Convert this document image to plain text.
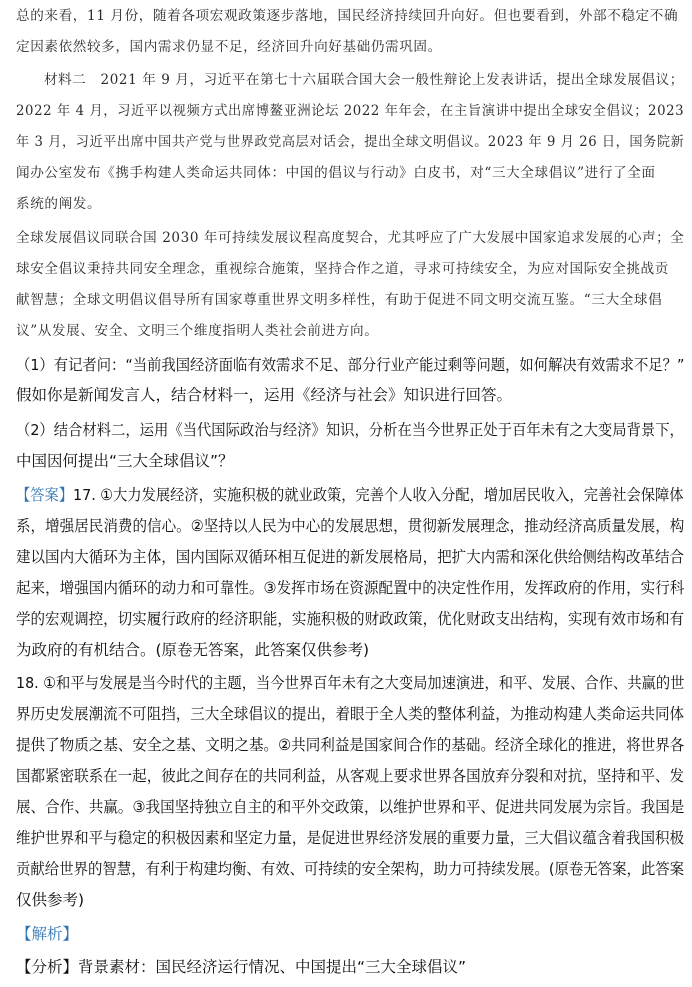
总的来看，11 月份，随着各项宏观政策逐步落地，国民经济持续回升向好。但也要看到，外部不稳定不确
定因素依然较多，国内需求仍显不足，经济回升向好基础仍需巩固。
材料二　2021 年 9 月，习近平在第七十六届联合国大会一般性辩论上发表讲话，提出全球发展倡议；
2022 年 4 月，习近平以视频方式出席博鳌亚洲论坛 2022 年年会，在主旨演讲中提出全球安全倡议；2023
年 3 月，习近平出席中国共产党与世界政党高层对话会，提出全球文明倡议。2023 年 9 月 26 日，国务院新
闻办公室发布《携手构建人类命运共同体：中国的倡议与行动》白皮书，对“三大全球倡议”进行了全面
系统的阐发。
全球发展倡议同联合国 2030 年可持续发展议程高度契合，尤其呼应了广大发展中国家追求发展的心声；全
球安全倡议秉持共同安全理念，重视综合施策，坚持合作之道，寻求可持续安全，为应对国际安全挑战贡
献智慧；全球文明倡议倡导所有国家尊重世界文明多样性，有助于促进不同文明交流互鉴。“三大全球倡
议”从发展、安全、文明三个维度指明人类社会前进方向。
（1）有记者问：“当前我国经济面临有效需求不足、部分行业产能过剩等问题，如何解决有效需求不足？”
假如你是新闻发言人，结合材料一，运用《经济与社会》知识进行回答。
（2）结合材料二，运用《当代国际政治与经济》知识，分析在当今世界正处于百年未有之大变局背景下，
中国因何提出“三大全球倡议”？
【答案】17. ①大力发展经济，实施积极的就业政策，完善个人收入分配，增加居民收入，完善社会保障体
系，增强居民消费的信心。②坚持以人民为中心的发展思想，贯彻新发展理念，推动经济高质量发展，构
建以国内大循环为主体，国内国际双循环相互促进的新发展格局，把扩大内需和深化供给侧结构改革结合
起来，增强国内循环的动力和可靠性。③发挥市场在资源配置中的决定性作用，发挥政府的作用，实行科
学的宏观调控，切实履行政府的经济职能，实施积极的财政政策，优化财政支出结构，实现有效市场和有
为政府的有机结合。(原卷无答案，此答案仅供参考)
18. ①和平与发展是当今时代的主题，当今世界百年未有之大变局加速演进，和平、发展、合作、共赢的世
界历史发展潮流不可阻挡，三大全球倡议的提出，着眼于全人类的整体利益，为推动构建人类命运共同体
提供了物质之基、安全之基、文明之基。②共同利益是国家间合作的基础。经济全球化的推进，将世界各
国都紧密联系在一起，彼此之间存在的共同利益，从客观上要求世界各国放弃分裂和对抗，坚持和平、发
展、合作、共赢。③我国坚持独立自主的和平外交政策，以维护世界和平、促进共同发展为宗旨。我国是
维护世界和平与稳定的积极因素和坚定力量，是促进世界经济发展的重要力量，三大倡议蕴含着我国积极
贡献给世界的智慧，有利于构建均衡、有效、可持续的安全架构，助力可持续发展。(原卷无答案，此答案
仅供参考)
【解析】
【分析】背景素材：国民经济运行情况、中国提出“三大全球倡议”
